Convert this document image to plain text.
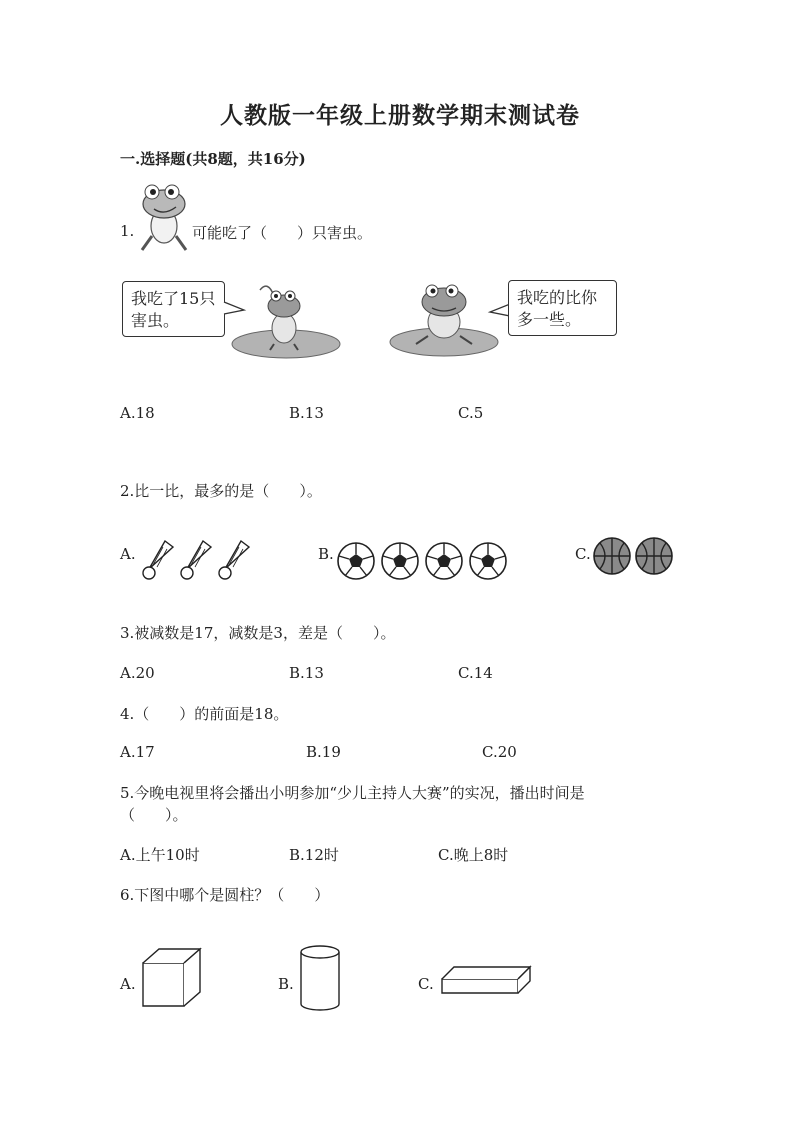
人教版一年级上册数学期末测试卷
一.选择题(共8题，共16分)
1.	可能吃了（　　）只害虫。
我吃了15只害虫。
我吃的比你多一些。
A.18	B.13	C.5
2.比一比，最多的是（　　）。
A.	B.	C.
3.被减数是17，减数是3，差是（　　）。
A.20	B.13	C.14
4.（　　）的前面是18。
A.17	B.19	C.20
5.今晚电视里将会播出小明参加“少儿主持人大赛”的实况，播出时间是
（　　）。
A.上午10时	B.12时	C.晚上8时
6.下图中哪个是圆柱？（　　）
A.	B.	C.
